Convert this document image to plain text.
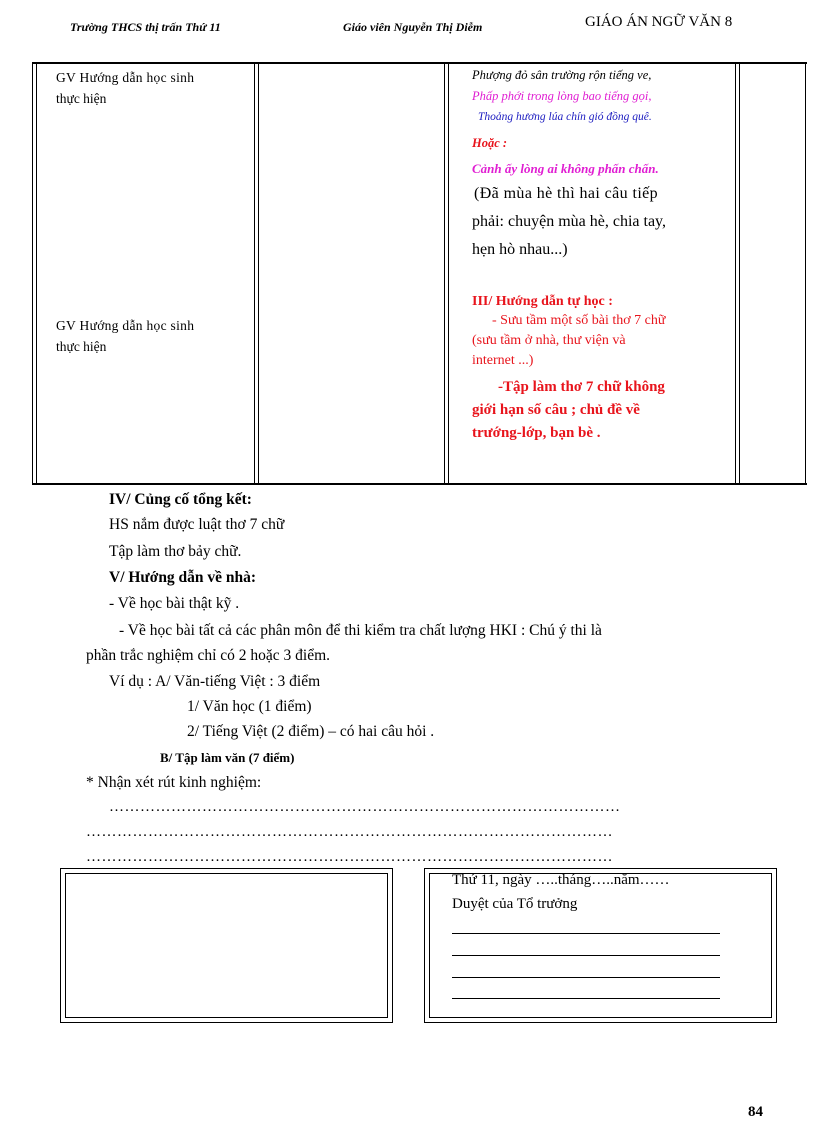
Trường THCS thị trấn Thứ 11	Giáo viên Nguyễn Thị Diễm	GIÁO ÁN NGỮ VĂN 8
GV Hướng dẫn học sinh
thực hiện
GV Hướng dẫn học sinh
thực hiện
Phượng đỏ sân trường rộn tiếng ve,
Phấp phới trong lòng bao tiếng gọi,
Thoảng hương lúa chín gió đồng quê.
Hoặc :
Cảnh ấy lòng ai không phấn chấn.
(Đã mùa hè thì hai câu tiếp
phải: chuyện mùa hè, chia tay,
hẹn hò nhau...)
III/ Hướng dẫn tự học :
- Sưu tầm một số bài thơ 7 chữ
(sưu tầm ở nhà, thư viện và
internet ...)
-Tập làm thơ 7 chữ không
giới hạn số câu ; chủ đề về
trướng-lớp, bạn bè .
IV/ Củng cố tổng kết:
HS nắm được luật thơ 7 chữ
Tập làm thơ bảy chữ.
V/ Hướng dẫn về nhà:
- Về học bài thật kỹ .
- Về học bài tất cả các phân môn để thi kiểm tra chất lượng HKI : Chú ý thi là
phần trắc nghiệm chỉ có 2 hoặc 3 điểm.
Ví dụ : A/ Văn-tiếng Việt : 3 điểm
1/ Văn học (1 điểm)
2/ Tiếng Việt (2 điểm) – có hai câu hỏi .
B/ Tập làm văn (7 điểm)
* Nhận xét rút kinh nghiệm:
………………………………………………………………………………………
…………………………………………………………………………………………
…………………………………………………………………………………………
Thứ 11, ngày …..tháng…..năm……
Duyệt của Tổ trưởng
84
